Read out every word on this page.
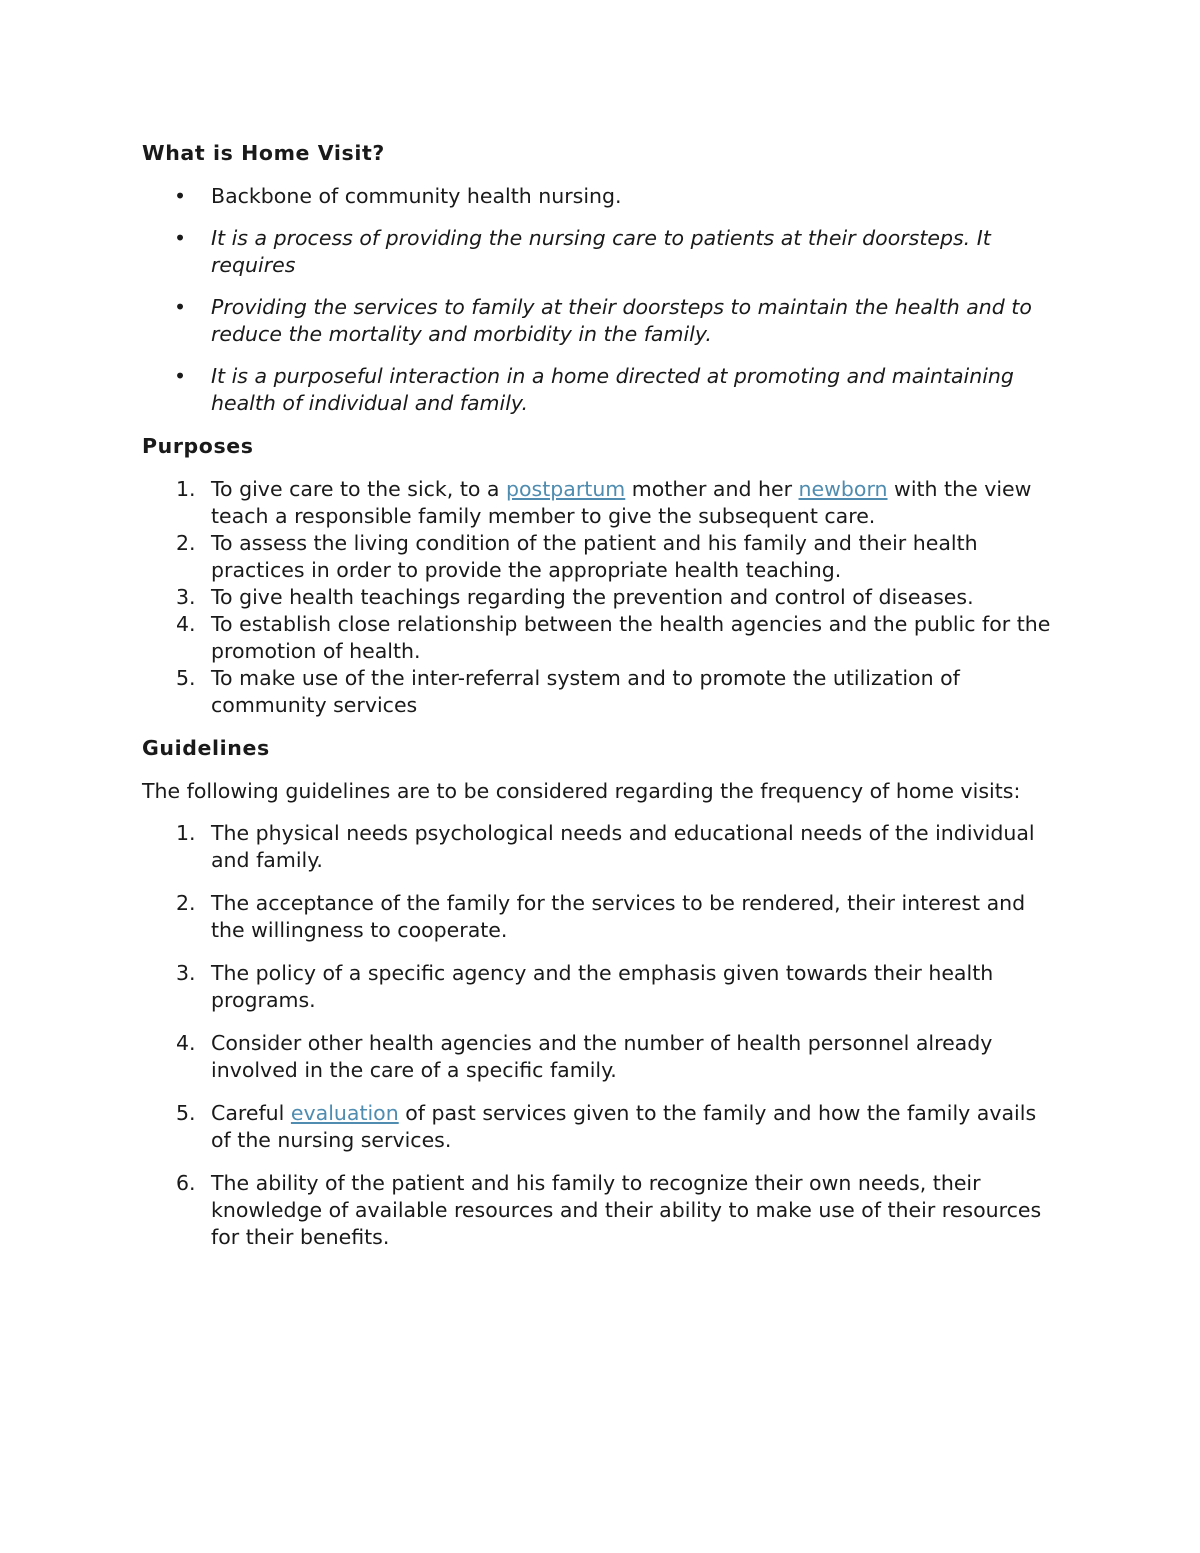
What is Home Visit?
• Backbone of community health nursing.
• It is a process of providing the nursing care to patients at their doorsteps. It requires
• Providing the services to family at their doorsteps to maintain the health and to reduce the mortality and morbidity in the family.
• It is a purposeful interaction in a home directed at promoting and maintaining health of individual and family.
Purposes
1. To give care to the sick, to a postpartum mother and her newborn with the view teach a responsible family member to give the subsequent care.
2. To assess the living condition of the patient and his family and their health practices in order to provide the appropriate health teaching.
3. To give health teachings regarding the prevention and control of diseases.
4. To establish close relationship between the health agencies and the public for the promotion of health.
5. To make use of the inter-referral system and to promote the utilization of community services
Guidelines

The following guidelines are to be considered regarding the frequency of home visits:

1. The physical needs psychological needs and educational needs of the individual and family.
2. The acceptance of the family for the services to be rendered, their interest and the willingness to cooperate.
3. The policy of a specific agency and the emphasis given towards their health programs.
4. Consider other health agencies and the number of health personnel already involved in the care of a specific family.
5. Careful evaluation of past services given to the family and how the family avails of the nursing services.
6. The ability of the patient and his family to recognize their own needs, their knowledge of available resources and their ability to make use of their resources for their benefits.
